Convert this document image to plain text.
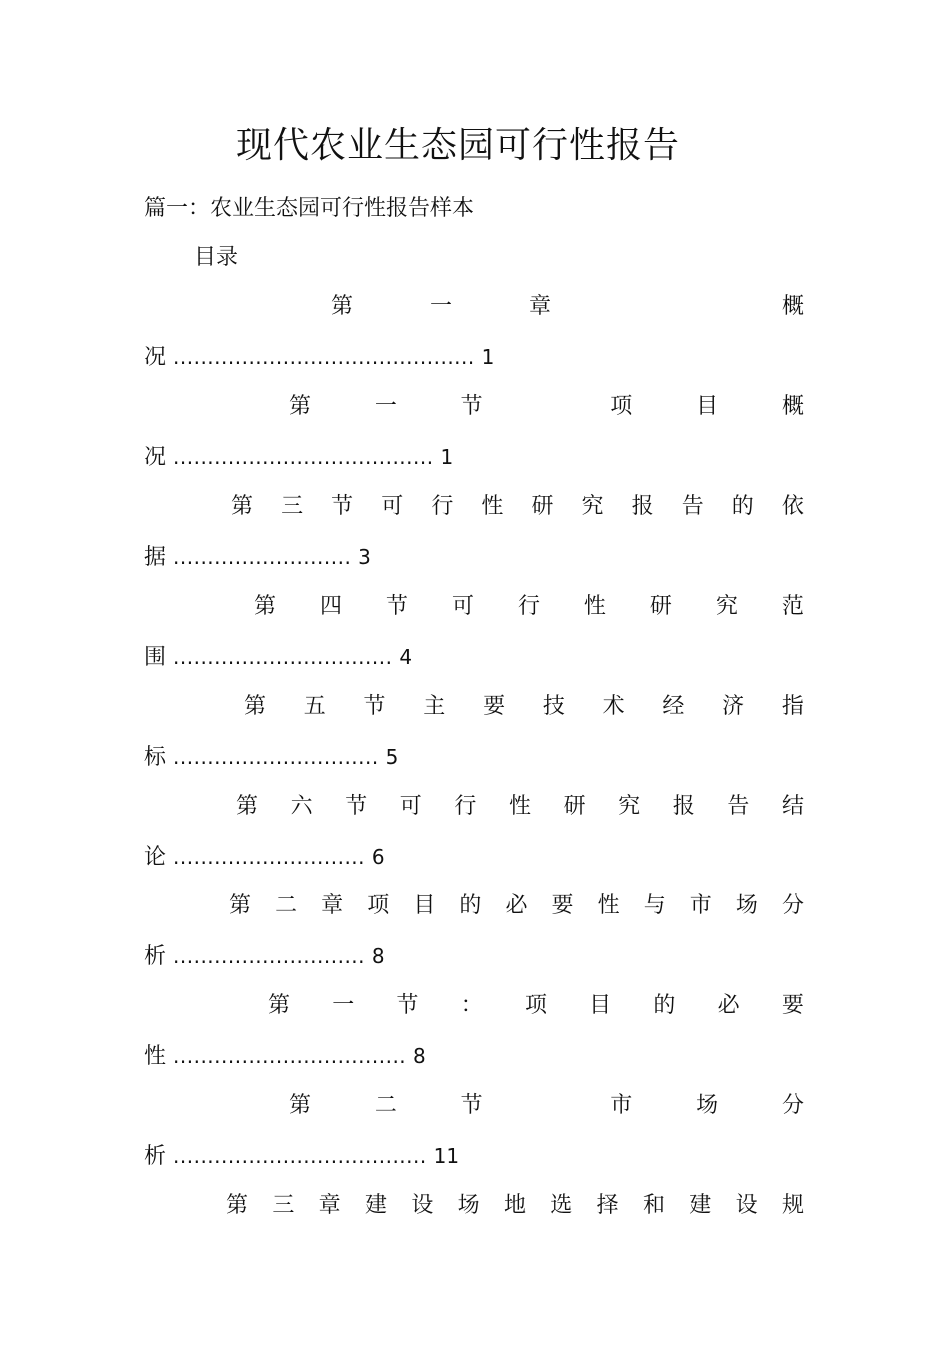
现代农业生态园可行性报告
篇一：农业生态园可行性报告样本
目录
第	一	章	概
况 ............................................ 1
第	一	节	项	目	概
况 ...................................... 1
第 三 节 可 行 性 研 究 报 告 的 依
据 .......................... 3
第 四 节 可 行 性 研 究 范
围 ................................ 4
第 五 节 主 要 技 术 经 济 指
标 .............................. 5
第 六 节 可 行 性 研 究 报 告 结
论 ............................ 6
第 二 章 项 目 的 必 要 性 与 市 场 分
析 ............................ 8
第 一 节 ： 项 目 的 必 要
性 .................................. 8
第	二	节	市	场	分
析 ..................................... 11
第 三 章 建 设 场 地 选 择 和 建 设 规
